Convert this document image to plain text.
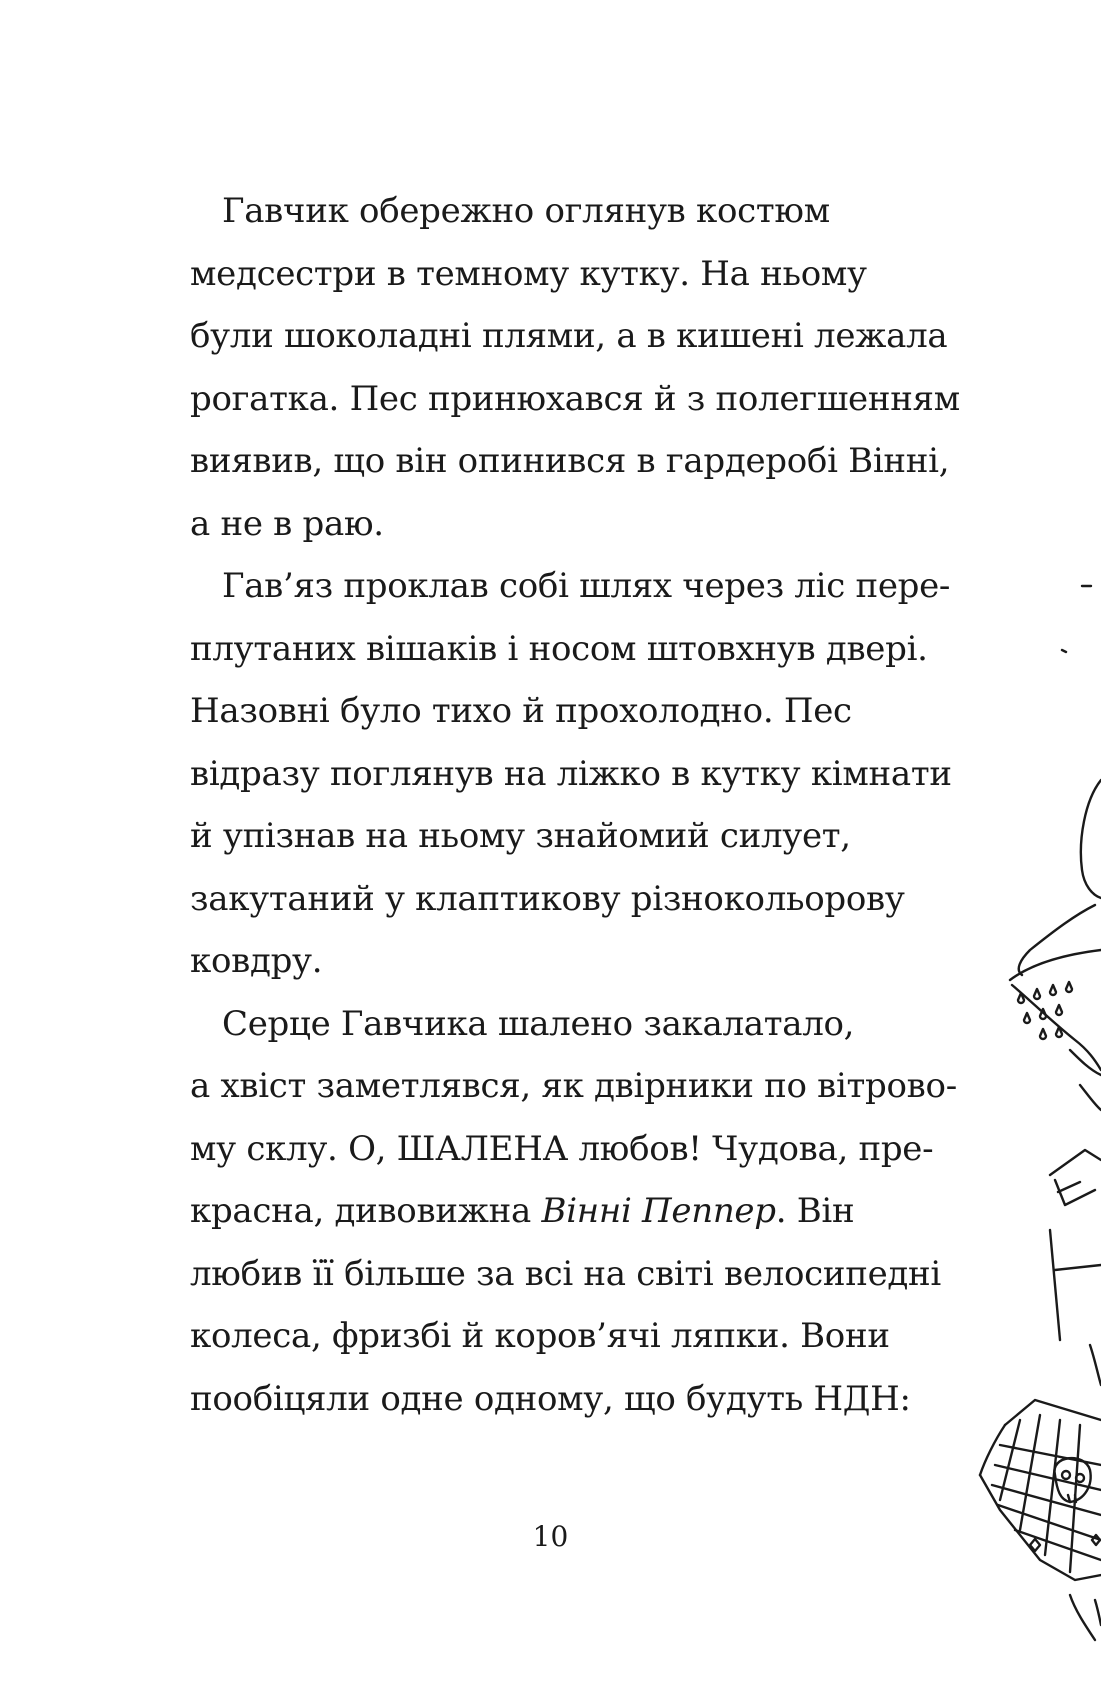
Гавчик обережно оглянув костюм
медсестри в темному кутку. На ньому
були шоколадні плями, а в кишені лежала
рогатка. Пес принюхався й з полегшенням
виявив, що він опинився в гардеробі Вінні,
а не в раю.
Гав’яз проклав собі шлях через ліс пере-
плутаних вішаків і носом штовхнув двері.
Назовні було тихо й прохолодно. Пес
відразу поглянув на ліжко в кутку кімнати
й упізнав на ньому знайомий силует,
закутаний у клаптикову різнокольорову
ковдру.
Серце Гавчика шалено закалатало,
а хвіст заметлявся, як двірники по вітрово-
му склу. О, ШАЛЕНА любов! Чудова, пре-
красна, дивовижна Вінні Пеппер. Він
любив її більше за всі на світі велосипедні
колеса, фризбі й коров’ячі ляпки. Вони
пообіцяли одне одному, що будуть НДН:
10
